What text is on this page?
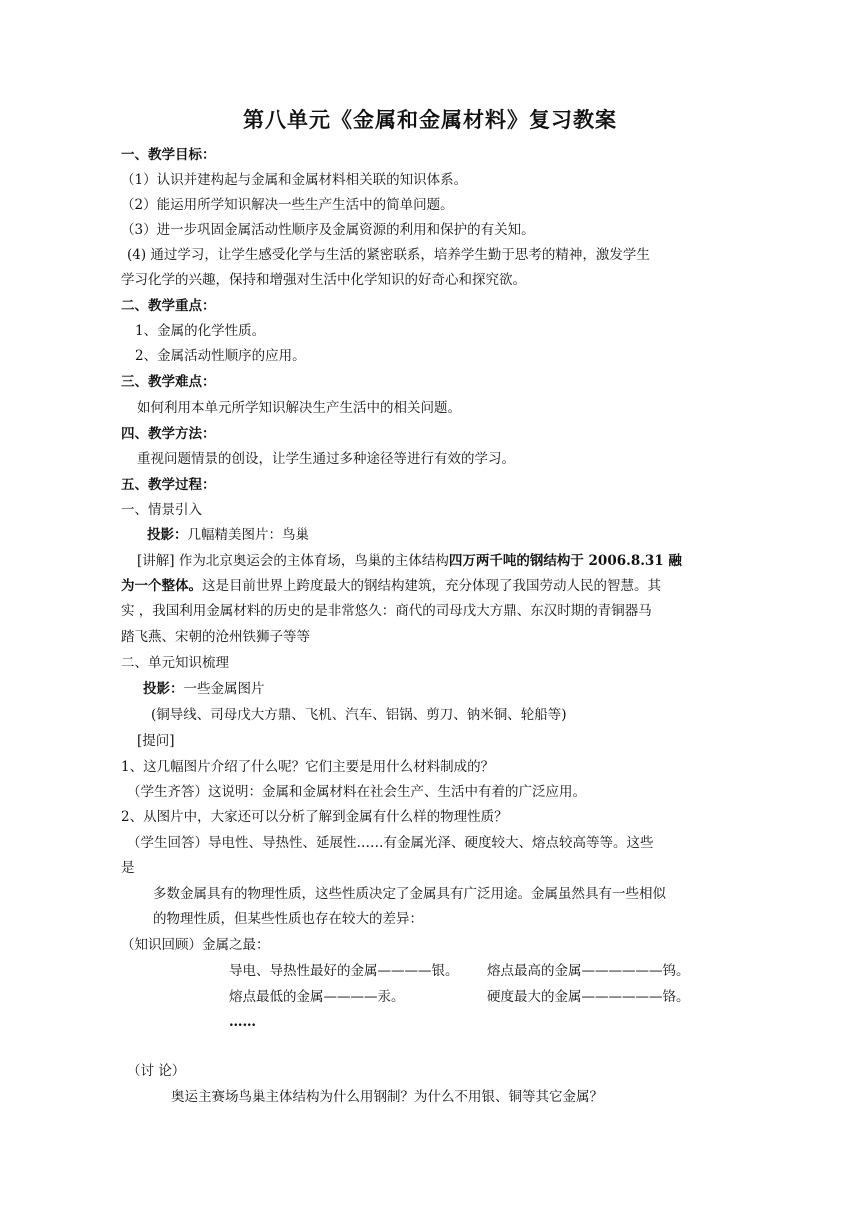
第八单元《金属和金属材料》复习教案
一、教学目标：
（1）认识并建构起与金属和金属材料相关联的知识体系。
（2）能运用所学知识解决一些生产生活中的简单问题。
（3）进一步巩固金属活动性顺序及金属资源的利用和保护的有关知。
(4) 通过学习，让学生感受化学与生活的紧密联系，培养学生勤于思考的精神，激发学生
学习化学的兴趣，保持和增强对生活中化学知识的好奇心和探究欲。
二、教学重点：
1、金属的化学性质。
2、金属活动性顺序的应用。
三、教学难点：
如何利用本单元所学知识解决生产生活中的相关问题。
四、教学方法：
重视问题情景的创设，让学生通过多种途径等进行有效的学习。
五、教学过程：
一、情景引入
投影：几幅精美图片：鸟巢
[讲解] 作为北京奥运会的主体育场，鸟巢的主体结构四万两千吨的钢结构于 2006.8.31 融
为一个整体。这是目前世界上跨度最大的钢结构建筑，充分体现了我国劳动人民的智慧。其
实 ，我国利用金属材料的历史的是非常悠久：商代的司母戊大方鼎、东汉时期的青铜器马
踏飞燕、宋朝的沧州铁狮子等等
二、单元知识梳理
投影：一些金属图片
(铜导线、司母戊大方鼎、飞机、汽车、铝锅、剪刀、钠米铜、轮船等)
[提问]
1、这几幅图片介绍了什么呢？它们主要是用什么材料制成的？
（学生齐答）这说明：金属和金属材料在社会生产、生活中有着的广泛应用。
2、从图片中，大家还可以分析了解到金属有什么样的物理性质？
（学生回答）导电性、导热性、延展性……有金属光泽、硬度较大、熔点较高等等。这些
是
多数金属具有的物理性质，这些性质决定了金属具有广泛用途。金属虽然具有一些相似
的物理性质，但某些性质也存在较大的差异：
（知识回顾）金属之最：
导电、导热性最好的金属————银。 熔点最高的金属——————钨。
熔点最低的金属————汞。	硬度最大的金属——————铬。
……
（讨 论）
奥运主赛场鸟巢主体结构为什么用钢制？为什么不用银、铜等其它金属？
